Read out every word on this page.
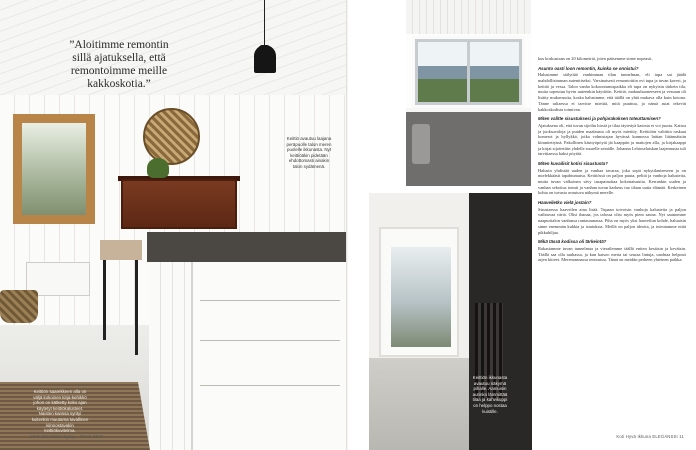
”Aloitimme remontin sillä ajatuksella, että remontoimme meille kakkoskotia.”
Keittiö avautuu laajana peräpuolle talon meren puolelle ikkunasta. Nyt keittiöäkin pidetään ehdottomasti ainakin talon sydämenä.
Keittiön saarekkeen alla on väljä kokoinen kirja-kehikkö johon on kätketty koko ajan käytetyt keittiökalusteet. Naisten kanssa syntyi kuitenkin muutama tavallinen kiinnostavakin keittiökuvitelma.
10 ELEGANSSI Syksy - TALVI 2019
Keittiön ikkunasta avautuu näkymä pihalle. Aamuisin aurinko lämmittää tilaa ja kahvikuppi on helppo nostaa kuistille.

kus koskustaan on 20 kilometriä, joten pääsemme sinne nopeasti.

Asunto oasti loon remontin, kuinka se onnistui?

Halusimme säilyttää vanhimman tilan tunnelman, eli tupa sai jäädä mahdollisimman autenttiseksi. Varsinaisesti remontoitiin ovi tupa ja tuvan kaveri, ja keittiö ja vessa. Talon vanha kokoontumispaikka eli tupa on nykyisin tärkein tila, mutta sopeutuu hyvin uuteenkin käyttöön. Keittiö, makuuhuoneeseen ja vessaan oli lisätty mukavuutta, koska halusimme, että täällä on yhtä mukava olla kuin kotona. Tänne tultaessa ei tarvitse miettiä, mitä puuttuu, ja nämä asiat tekevät kakkoskodista toimivan.

Miten valitte sisustuksesi ja pohjarakoksen toteuttamisen?

Ajatuksena oli, että tuvan sijoiltu hirsiä ja tilaa täytettyä katosta ei voi juurta. Kattoa ja juoksuvaloja ja puiden maalausta oli myös mietitty. Keittiöön valittiin raskaat komerot ja hyllykkö, jotka valmistajan hyvässä kunnossa lattian liitännäisiin kiinnitettyinä. Pakollinen käsityöpöytä jäi kaappiin ja mattojen alla, ja kirjakaappi ja kirjat sijoitettiin yhdelle suurelle seinälle. Johanna Lehtoselaiskan laajennusta tuli tarvittaessa kaksi pöytää.

Miten kuvailisit kotisi sisustusta?

Halusin yhdistää uuden ja vanhaa tavaraa, joka sopii nykytilanteeseen ja on mielekkäästi tapahtumaisa. Keittiössä on paljon puuta, peltiä ja vanhoja kalusteita, mutta tuvan valkoinen sävy tasapainottaa kokonaisuutta. Kerrankin uuden ja vanhan sekoitus toimii ja vanhan tuvan karkeus tuo tilaan uutta elämää. Keskeinen kohta on tuvasta avautuva näkymä merelle.

Haaveiletko vielä jostain?

Sisustaessa haaveilen aina lisää. Tupaan toivoisin vanhoja kalusteita ja paljon vaihtuvaa väriä. Olisi ihanaa, jos talossa olisi myös pieni sauna. Nyt saunomme naapuritalon vanhassa rantasaunassa. Piha on myös yksi haaveilun kohde, haluaisin sinne enemmän kukkia ja istutuksia. Meillä on paljon ideoita, ja toteutamme niitä pikkuhiljaa.

Mikä tässä kodissa oli tärkeintä?

Rakastamme tuvan tunnelmaa ja vierailemme täällä eniten kesäisin ja keväisin. Täällä saa olla rauhassa, ja kun katsoo merta tai seuraa lintuja, unohtaa helposti arjen kiireet. Merenrannassa rentoutuu. Tämä on meidän perheen yhteinen paikka.

Koti Hyvä Ikkuna ELEGANSSI 11
